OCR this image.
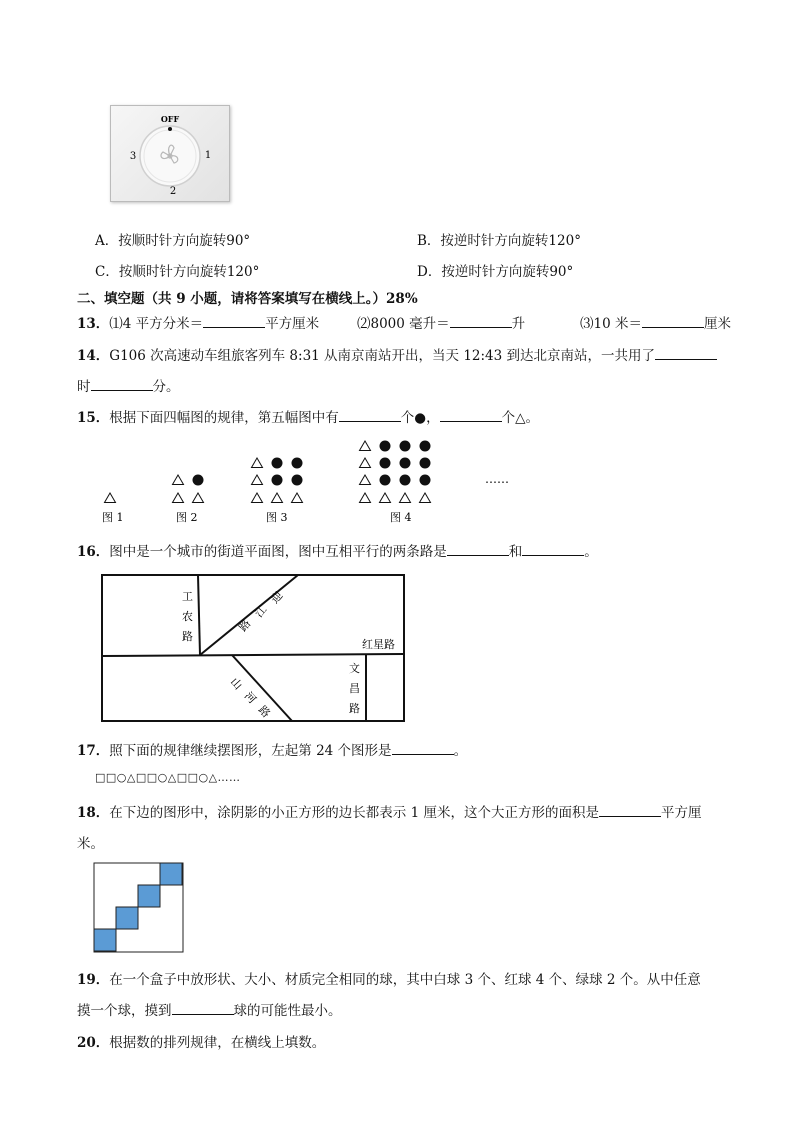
OFF
3	1
2
A．按顺时针方向旋转90°	B．按逆时针方向旋转120°
C．按顺时针方向旋转120°	D．按逆时针方向旋转90°
二、填空题（共 9 小题，请将答案填写在横线上。）28%
13．⑴4 平方分米＝	平方厘米	⑵8000 毫升＝	升	⑶10 米＝	厘米
14．G106 次高速动车组旅客列车 8:31 从南京南站开出，当天 12:43 到达北京南站，一共用了
时	分。
15．根据下面四幅图的规律，第五幅图中有	个●，	个△。
……
图 1	图 2	图 3	图 4
16．图中是一个城市的街道平面图，图中互相平行的两条路是	和	。
工
农
路
迎
江
路
红星路
山
河
路
文
昌
路
17．照下面的规律继续摆图形，左起第 24 个图形是	。
□□○△□□○△□□○△……
18．在下边的图形中，涂阴影的小正方形的边长都表示 1 厘米，这个大正方形的面积是	平方厘
米。
19．在一个盒子中放形状、大小、材质完全相同的球，其中白球 3 个、红球 4 个、绿球 2 个。从中任意
摸一个球，摸到	球的可能性最小。
20．根据数的排列规律，在横线上填数。
